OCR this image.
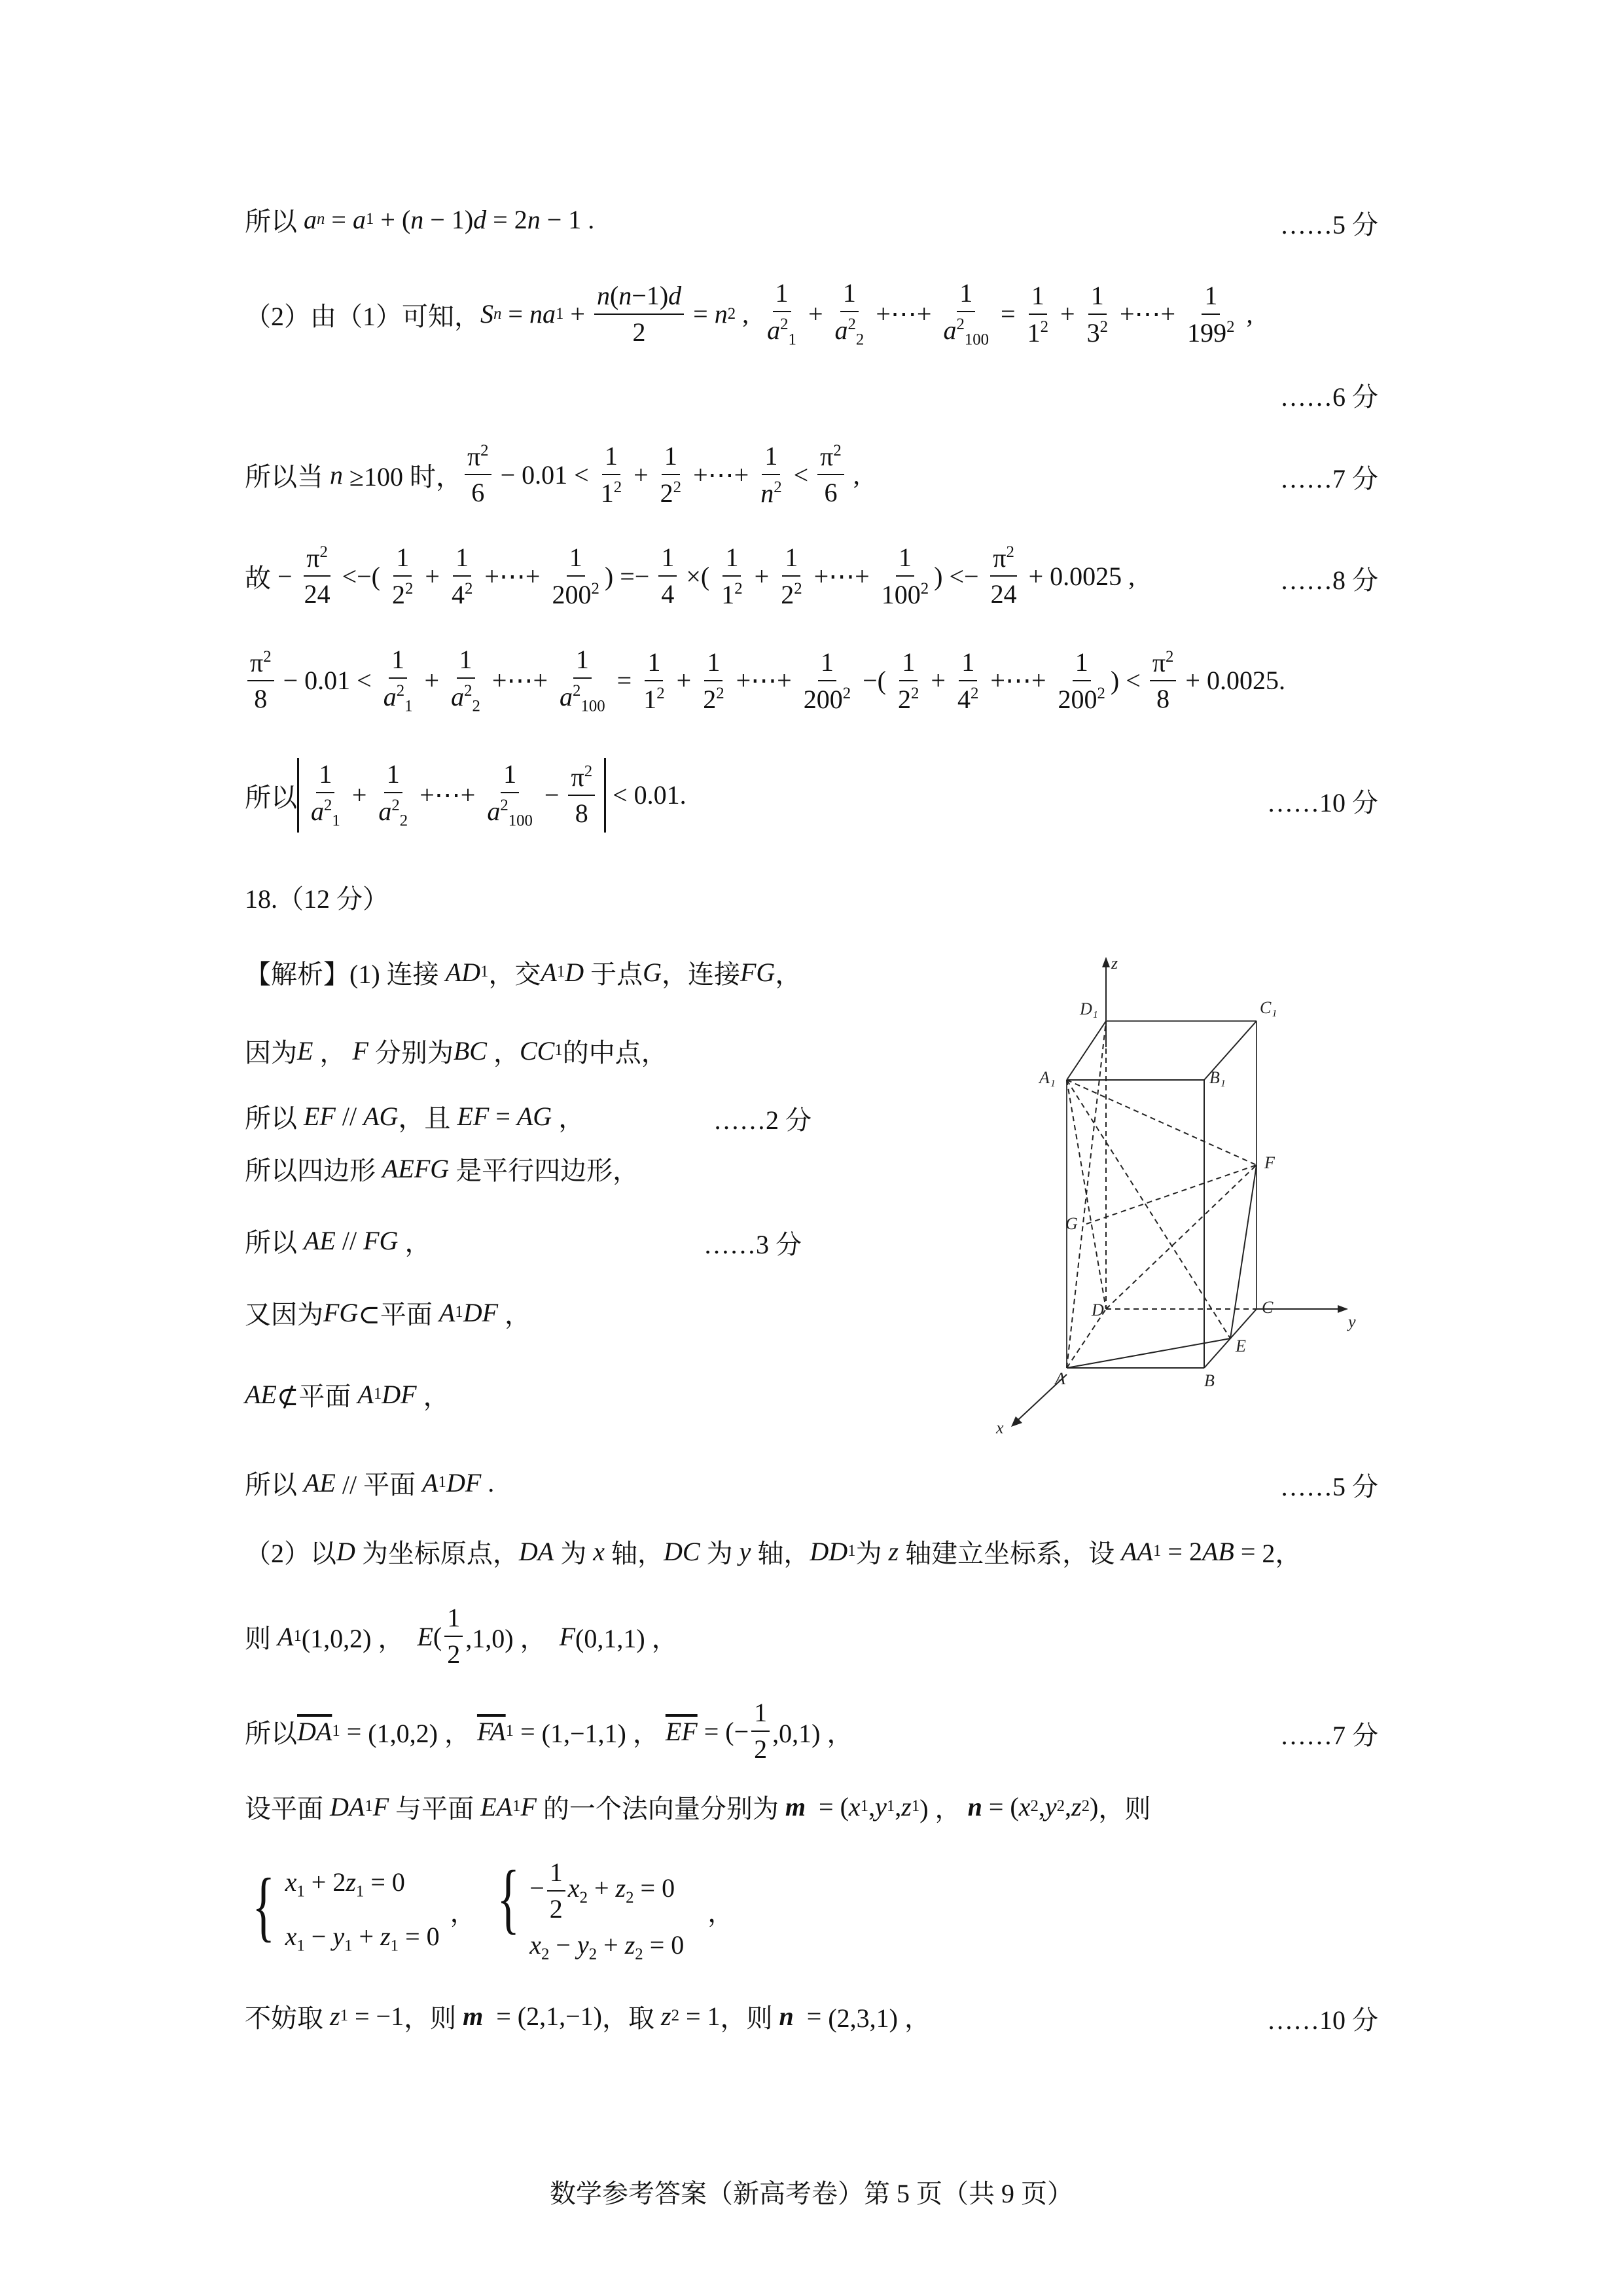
所以
a n = a 1 + ( n − 1) d = 2 n − 1 .	……5 分
（2）由（1）可知， S n = na $1 + \frac{n(n-1)d}{2} = n$ 2 , $\frac{1}{a^2_1} + \frac{1}{a^2_2}$ +⋯+ $\frac{1}{a^2_{100}} = \frac{1}{1^2} + \frac{1}{3^2}$ +⋯+ $\frac{1}{199^2}$ ,
……6 分
所以当 n ≥100 时， $\frac{\pi^2}{6} - 0.01 < \frac{1}{1^2} + \frac{1}{2^2}$ +⋯+ $\frac{1}{n^2} < \frac{\pi^2}{6}$ ,	……7 分
故 − $\frac{\pi^2}{24}$ <−( $\frac{1}{2^2} + \frac{1}{4^2}$ +⋯+ $\frac{1}{200^2}$ ) =− $\frac{1}{4}$ ×( $\frac{1}{1^2} + \frac{1}{2^2}$ +⋯+ $\frac{1}{100^2}$ ) <− $\frac{\pi^2}{24} + 0.0025$ ,	……8 分
$\frac{\pi^2}{8} - 0.01 < \frac{1}{a^2_1} + \frac{1}{a^2_2}$ +⋯+ $\frac{1}{a^2_{100}} = \frac{1}{1^2} + \frac{1}{2^2}$ +⋯+ $\frac{1}{200^2}$ −( $\frac{1}{2^2} + \frac{1}{4^2}$ +⋯+ $\frac{1}{200^2}$ ) < $\frac{\pi^2}{8} + 0.0025$.
所以 $\frac{1}{a^2_1} + \frac{1}{a^2_2}$ +⋯+ $\frac{1}{a^2_{100}} - \frac{\pi^2}{8} < 0.01$.	……10 分
18.（12 分）
【解析】(1) 连接 AD 1 ，交 A 1 D 于点 G ，连接 FG ，
因为 E ， F 分别为 BC ， CC 1 的中点，
所以 EF // AG ，且 EF = AG ，	……2 分
所以四边形 AEFG 是平行四边形，
所以 AE // FG ，	……3 分
又因为 FG ⊂平面 A 1 DF ，
AE ⊄平面 A 1 DF ，
所以 AE // 平面 A 1 DF .	……5 分
（2）以 D 为坐标原点， DA 为 x 轴， DC 为 y 轴， DD 1 为 z 轴建立坐标系，设 AA 1 = 2 AB = 2，
则
A 1 (1,0,2) ， E ( $\frac{1}{2} ,1,0$) ， F (0,1,1) ，
所以 $\overline{DA}$ 1 = (1,0,2) ， $\overline{FA}$ 1 = (1,−1,1) ， $\overline{EF}$ = (− $\frac{1}{2} ,0,1$) ，	……7 分
设平面 DA 1 F 与平面 EA 1 F 的一个法向量分别为 m = ( x 1 , y 1 , z 1 ) ， n = ( x 2 , y 2 , z 2 ) ，则
{ $x_1 + 2z_1 = 0$
$x_1 - y_1 + z_1 = 0$
， { − $\frac{1}{2} x_2 + z_2 = 0$
$x_2 - y_2 + z_2 = 0$
，
不妨取 z 1 = −1 ，则 m = (2,1,−1) ，取 z 2 = 1 ，则 n = (2,3,1) ，	……10 分
z
y
x
D₁	C₁
A₁	B₁
F
G
D	C
E
A	B
数学参考答案（新高考卷）第 5 页（共 9 页）
